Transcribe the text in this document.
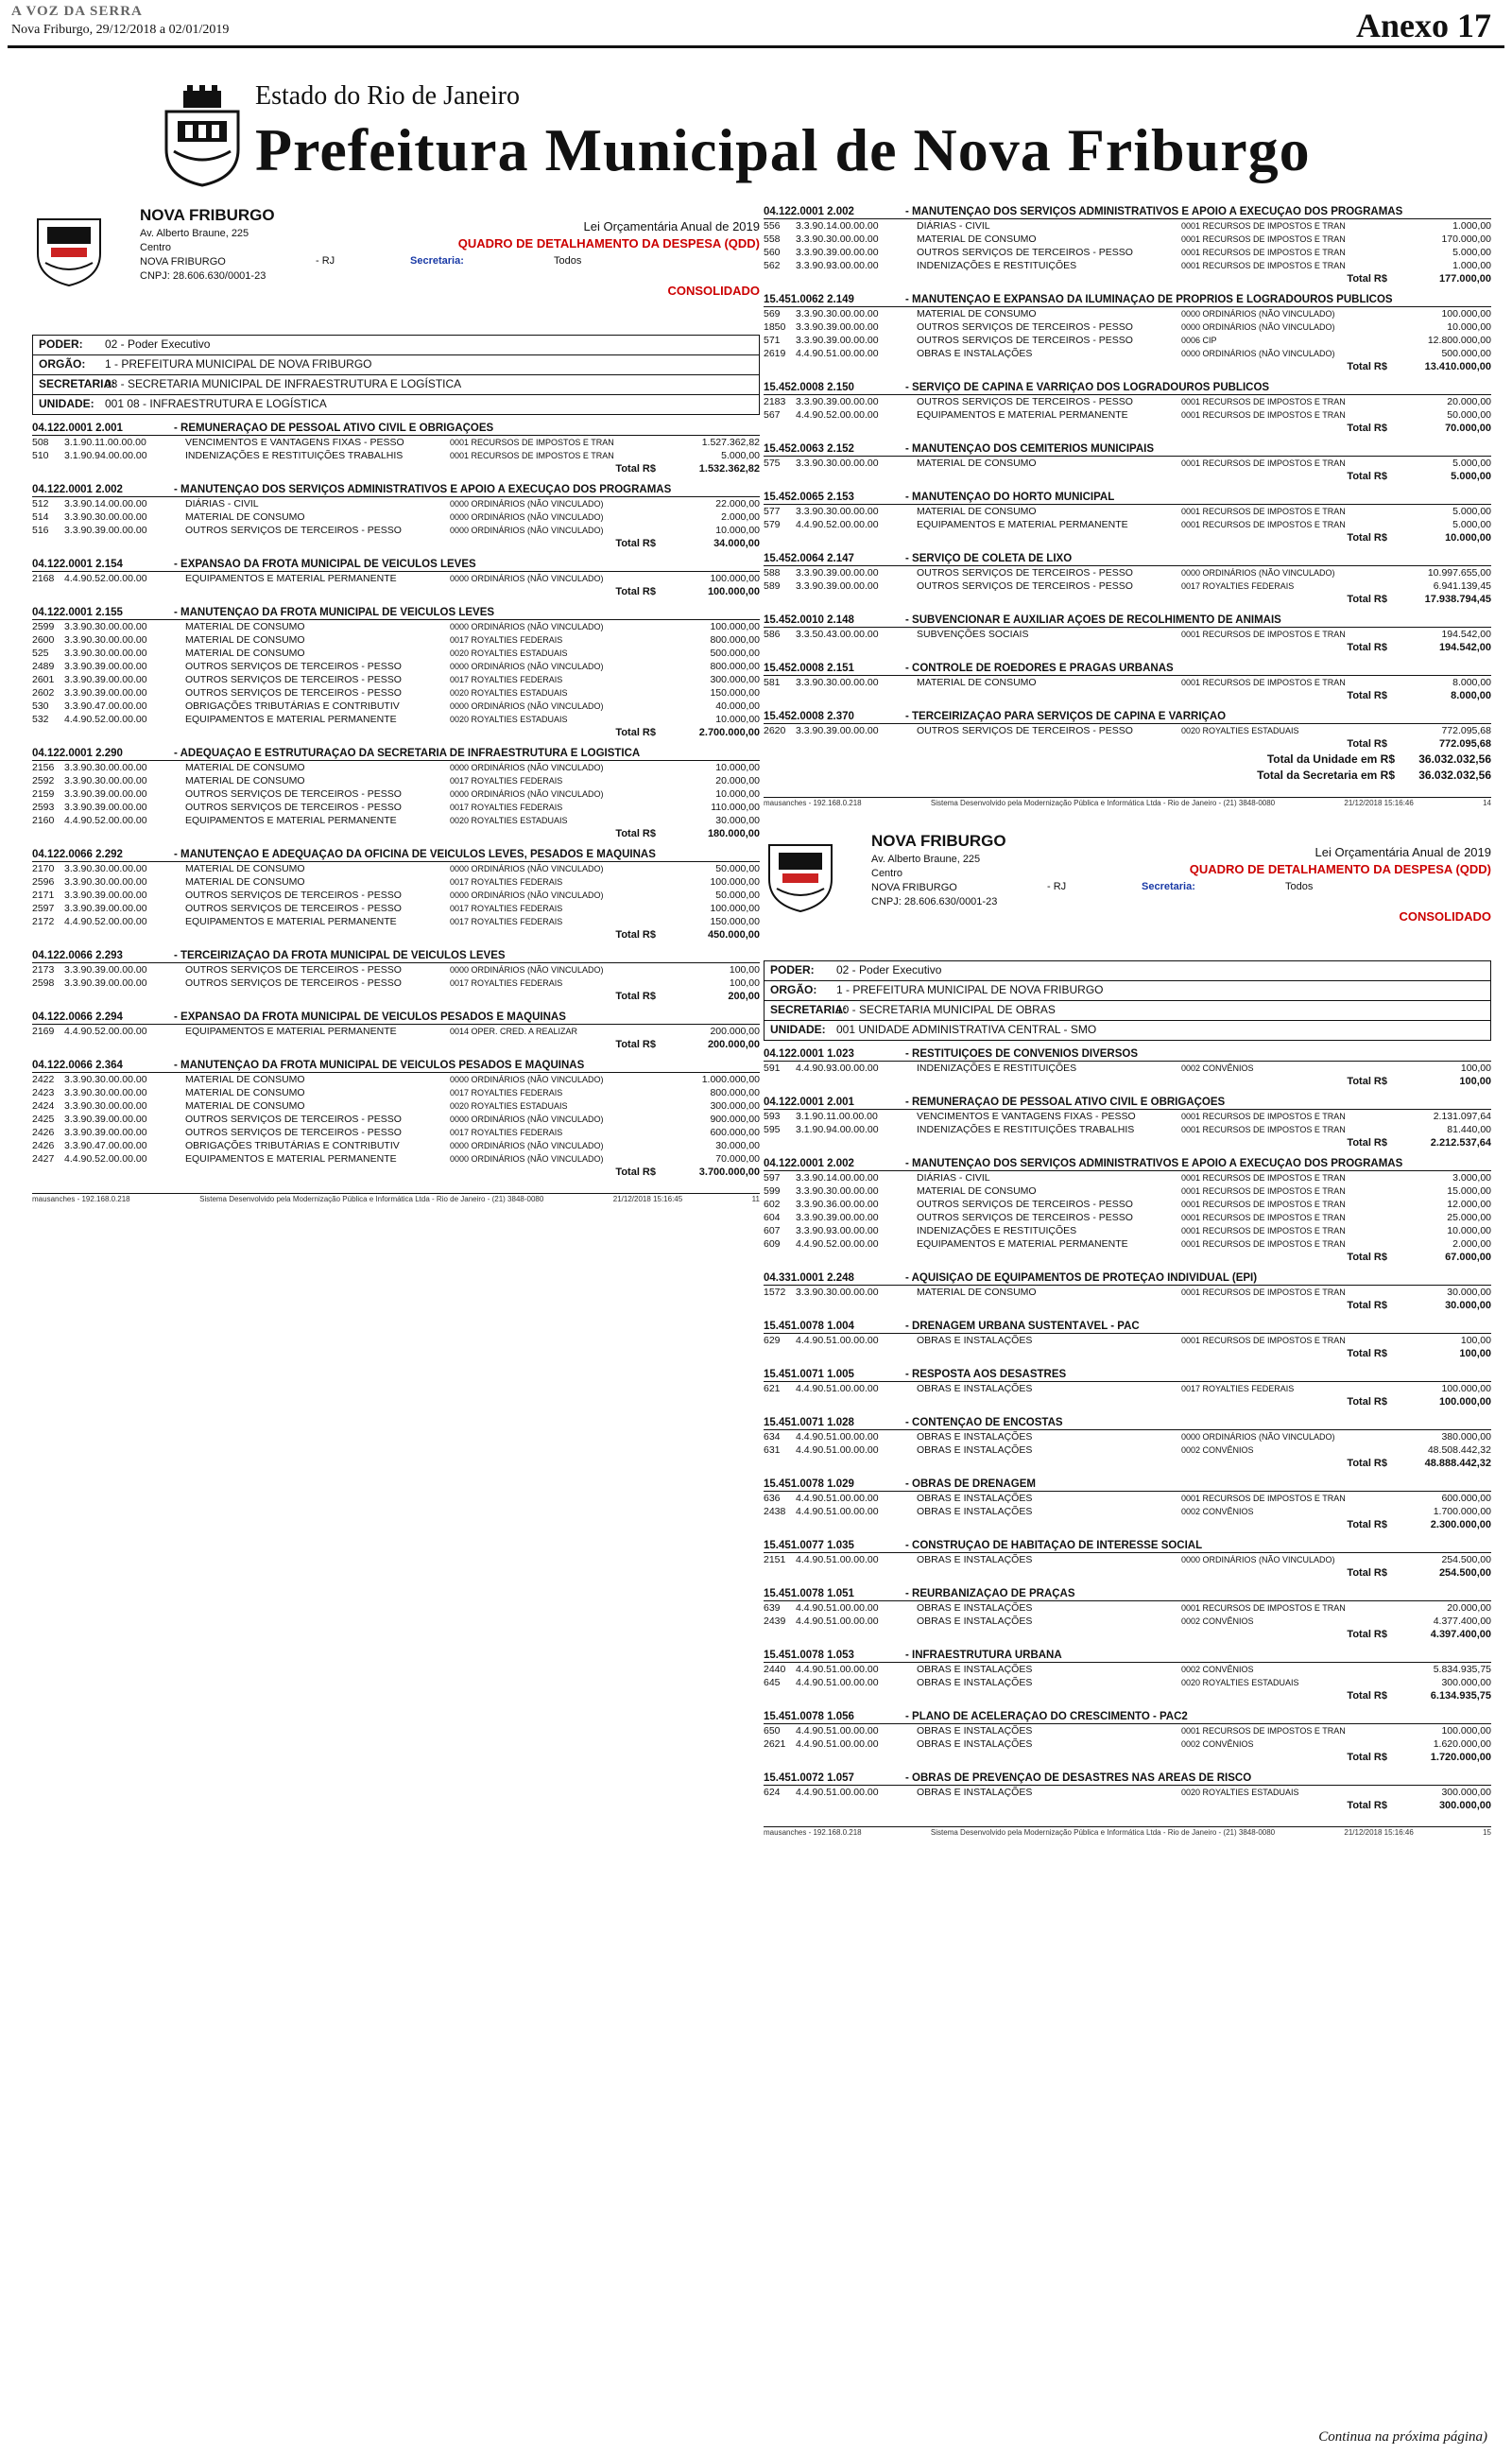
A VOZ DA SERRA
Nova Friburgo, 29/12/2018 a 02/01/2019	Anexo 17
Estado do Rio de Janeiro
Prefeitura Municipal de Nova Friburgo
NOVA FRIBURGO
Av. Alberto Braune, 225
Centro
NOVA FRIBURGO
CNPJ: 28.606.630/0001-23
- RJ
Lei Orçamentária Anual de 2019
QUADRO DE DETALHAMENTO DA DESPESA (QDD)
Secretaria:	Todos
CONSOLIDADO
PODER: 02 - Poder Executivo
ORGÃO: 1 - PREFEITURA MUNICIPAL DE NOVA FRIBURGO
SECRETARIA:08 - SECRETARIA MUNICIPAL DE INFRAESTRUTURA E LOGÍSTICA
UNIDADE: 001 08 - INFRAESTRUTURA E LOGÍSTICA
04.122.0001 2.001	- REMUNERAÇÃO DE PESSOAL ATIVO CIVIL E OBRIGAÇÕES
508	3.1.90.11.00.00.00	VENCIMENTOS E VANTAGENS FIXAS - PESSO	0001 RECURSOS DE IMPOSTOS E TRAN	1.527.362,82
510	3.1.90.94.00.00.00	INDENIZAÇÕES E RESTITUIÇÕES TRABALHIS	0001 RECURSOS DE IMPOSTOS E TRAN	5.000,00
Total R$	1.532.362,82
04.122.0001 2.002	- MANUTENÇÃO DOS SERVIÇOS ADMINISTRATIVOS E APOIO A EXECUÇÃO DOS PROGRAMAS
512	3.3.90.14.00.00.00	DIÁRIAS - CIVIL	0000 ORDINÁRIOS (NÃO VINCULADO)	22.000,00
514	3.3.90.30.00.00.00	MATERIAL DE CONSUMO	0000 ORDINÁRIOS (NÃO VINCULADO)	2.000,00
516	3.3.90.39.00.00.00	OUTROS SERVIÇOS DE TERCEIROS - PESSO	0000 ORDINÁRIOS (NÃO VINCULADO)	10.000,00
Total R$	34.000,00
04.122.0001 2.154	- EXPANSÃO DA FROTA MUNICIPAL DE VEÍCULOS LEVES
2168	4.4.90.52.00.00.00	EQUIPAMENTOS E MATERIAL PERMANENTE	0000 ORDINÁRIOS (NÃO VINCULADO)	100.000,00
Total R$	100.000,00
04.122.0001 2.155	- MANUTENÇÃO DA FROTA MUNICIPAL DE VEÍCULOS LEVES
2599	3.3.90.30.00.00.00	MATERIAL DE CONSUMO	0000 ORDINÁRIOS (NÃO VINCULADO)	100.000,00
2600	3.3.90.30.00.00.00	MATERIAL DE CONSUMO	0017 ROYALTIES FEDERAIS	800.000,00
525	3.3.90.30.00.00.00	MATERIAL DE CONSUMO	0020 ROYALTIES ESTADUAIS	500.000,00
2489	3.3.90.39.00.00.00	OUTROS SERVIÇOS DE TERCEIROS - PESSO	0000 ORDINÁRIOS (NÃO VINCULADO)	800.000,00
2601	3.3.90.39.00.00.00	OUTROS SERVIÇOS DE TERCEIROS - PESSO	0017 ROYALTIES FEDERAIS	300.000,00
2602	3.3.90.39.00.00.00	OUTROS SERVIÇOS DE TERCEIROS - PESSO	0020 ROYALTIES ESTADUAIS	150.000,00
530	3.3.90.47.00.00.00	OBRIGAÇÕES TRIBUTÁRIAS E CONTRIBUTIV	0000 ORDINÁRIOS (NÃO VINCULADO)	40.000,00
532	4.4.90.52.00.00.00	EQUIPAMENTOS E MATERIAL PERMANENTE	0020 ROYALTIES ESTADUAIS	10.000,00
Total R$	2.700.000,00
04.122.0001 2.290	- ADEQUAÇÃO E ESTRUTURAÇÃO DA SECRETARIA DE INFRAESTRUTURA E LOGÍSTICA
2156	3.3.90.30.00.00.00	MATERIAL DE CONSUMO	0000 ORDINÁRIOS (NÃO VINCULADO)	10.000,00
2592	3.3.90.30.00.00.00	MATERIAL DE CONSUMO	0017 ROYALTIES FEDERAIS	20.000,00
2159	3.3.90.39.00.00.00	OUTROS SERVIÇOS DE TERCEIROS - PESSO	0000 ORDINÁRIOS (NÃO VINCULADO)	10.000,00
2593	3.3.90.39.00.00.00	OUTROS SERVIÇOS DE TERCEIROS - PESSO	0017 ROYALTIES FEDERAIS	110.000,00
2160	4.4.90.52.00.00.00	EQUIPAMENTOS E MATERIAL PERMANENTE	0020 ROYALTIES ESTADUAIS	30.000,00
Total R$	180.000,00
04.122.0066 2.292	- MANUTENÇÃO E ADEQUAÇÃO DA OFICINA DE VEÍCULOS LEVES, PESADOS E MÁQUINAS
2170	3.3.90.30.00.00.00	MATERIAL DE CONSUMO	0000 ORDINÁRIOS (NÃO VINCULADO)	50.000,00
2596	3.3.90.30.00.00.00	MATERIAL DE CONSUMO	0017 ROYALTIES FEDERAIS	100.000,00
2171	3.3.90.39.00.00.00	OUTROS SERVIÇOS DE TERCEIROS - PESSO	0000 ORDINÁRIOS (NÃO VINCULADO)	50.000,00
2597	3.3.90.39.00.00.00	OUTROS SERVIÇOS DE TERCEIROS - PESSO	0017 ROYALTIES FEDERAIS	100.000,00
2172	4.4.90.52.00.00.00	EQUIPAMENTOS E MATERIAL PERMANENTE	0017 ROYALTIES FEDERAIS	150.000,00
Total R$	450.000,00
04.122.0066 2.293	- TERCEIRIZAÇÃO DA FROTA MUNICIPAL DE VEÍCULOS LEVES
2173	3.3.90.39.00.00.00	OUTROS SERVIÇOS DE TERCEIROS - PESSO	0000 ORDINÁRIOS (NÃO VINCULADO)	100,00
2598	3.3.90.39.00.00.00	OUTROS SERVIÇOS DE TERCEIROS - PESSO	0017 ROYALTIES FEDERAIS	100,00
Total R$	200,00
04.122.0066 2.294	- EXPANSÃO DA FROTA MUNICIPAL DE VEÍCULOS PESADOS E MÁQUINAS
2169	4.4.90.52.00.00.00	EQUIPAMENTOS E MATERIAL PERMANENTE	0014 OPER. CRED. A REALIZAR	200.000,00
Total R$	200.000,00
04.122.0066 2.364	- MANUTENÇÃO DA FROTA MUNICIPAL DE VEÍCULOS PESADOS E MÁQUINAS
2422	3.3.90.30.00.00.00	MATERIAL DE CONSUMO	0000 ORDINÁRIOS (NÃO VINCULADO)	1.000.000,00
2423	3.3.90.30.00.00.00	MATERIAL DE CONSUMO	0017 ROYALTIES FEDERAIS	800.000,00
2424	3.3.90.30.00.00.00	MATERIAL DE CONSUMO	0020 ROYALTIES ESTADUAIS	300.000,00
2425	3.3.90.39.00.00.00	OUTROS SERVIÇOS DE TERCEIROS - PESSO	0000 ORDINÁRIOS (NÃO VINCULADO)	900.000,00
2426	3.3.90.39.00.00.00	OUTROS SERVIÇOS DE TERCEIROS - PESSO	0017 ROYALTIES FEDERAIS	600.000,00
2426	3.3.90.47.00.00.00	OBRIGAÇÕES TRIBUTÁRIAS E CONTRIBUTIV	0000 ORDINÁRIOS (NÃO VINCULADO)	30.000,00
2427	4.4.90.52.00.00.00	EQUIPAMENTOS E MATERIAL PERMANENTE	0000 ORDINÁRIOS (NÃO VINCULADO)	70.000,00
Total R$	3.700.000,00
mausanches - 192.168.0.218	Sistema Desenvolvido pela Modernização Pública e Informática Ltda - Rio de Janeiro - (21) 3848-0080	21/12/2018 15:16:45	11
04.122.0001 2.002	- MANUTENÇÃO DOS SERVIÇOS ADMINISTRATIVOS E APOIO A EXECUÇÃO DOS PROGRAMAS
556	3.3.90.14.00.00.00	DIÁRIAS - CIVIL	0001 RECURSOS DE IMPOSTOS E TRAN	1.000,00
558	3.3.90.30.00.00.00	MATERIAL DE CONSUMO	0001 RECURSOS DE IMPOSTOS E TRAN	170.000,00
560	3.3.90.39.00.00.00	OUTROS SERVIÇOS DE TERCEIROS - PESSO	0001 RECURSOS DE IMPOSTOS E TRAN	5.000,00
562	3.3.90.93.00.00.00	INDENIZAÇÕES E RESTITUIÇÕES	0001 RECURSOS DE IMPOSTOS E TRAN	1.000,00
Total R$	177.000,00
15.451.0062 2.149	- MANUTENÇÃO E EXPANSÃO DA ILUMINAÇÃO DE PRÓPRIOS E LOGRADOUROS PÚBLICOS
569	3.3.90.30.00.00.00	MATERIAL DE CONSUMO	0000 ORDINÁRIOS (NÃO VINCULADO)	100.000,00
1850	3.3.90.39.00.00.00	OUTROS SERVIÇOS DE TERCEIROS - PESSO	0000 ORDINÁRIOS (NÃO VINCULADO)	10.000,00
571	3.3.90.39.00.00.00	OUTROS SERVIÇOS DE TERCEIROS - PESSO	0006 CIP	12.800.000,00
2619	4.4.90.51.00.00.00	OBRAS E INSTALAÇÕES	0000 ORDINÁRIOS (NÃO VINCULADO)	500.000,00
Total R$	13.410.000,00
15.452.0008 2.150	- SERVIÇO DE CAPINA E VARRIÇÃO DOS LOGRADOUROS PÚBLICOS
2183	3.3.90.39.00.00.00	OUTROS SERVIÇOS DE TERCEIROS - PESSO	0001 RECURSOS DE IMPOSTOS E TRAN	20.000,00
567	4.4.90.52.00.00.00	EQUIPAMENTOS E MATERIAL PERMANENTE	0001 RECURSOS DE IMPOSTOS E TRAN	50.000,00
Total R$	70.000,00
15.452.0063 2.152	- MANUTENÇÃO DOS CEMITÉRIOS MUNICIPAIS
575	3.3.90.30.00.00.00	MATERIAL DE CONSUMO	0001 RECURSOS DE IMPOSTOS E TRAN	5.000,00
Total R$	5.000,00
15.452.0065 2.153	- MANUTENÇÃO DO HORTO MUNICIPAL
577	3.3.90.30.00.00.00	MATERIAL DE CONSUMO	0001 RECURSOS DE IMPOSTOS E TRAN	5.000,00
579	4.4.90.52.00.00.00	EQUIPAMENTOS E MATERIAL PERMANENTE	0001 RECURSOS DE IMPOSTOS E TRAN	5.000,00
Total R$	10.000,00
15.452.0064 2.147	- SERVIÇO DE COLETA DE LIXO
588	3.3.90.39.00.00.00	OUTROS SERVIÇOS DE TERCEIROS - PESSO	0000 ORDINÁRIOS (NÃO VINCULADO)	10.997.655,00
589	3.3.90.39.00.00.00	OUTROS SERVIÇOS DE TERCEIROS - PESSO	0017 ROYALTIES FEDERAIS	6.941.139,45
Total R$	17.938.794,45
15.452.0010 2.148	- SUBVENCIONAR E AUXILIAR AÇÕES DE RECOLHIMENTO DE ANIMAIS
586	3.3.50.43.00.00.00	SUBVENÇÕES SOCIAIS	0001 RECURSOS DE IMPOSTOS E TRAN	194.542,00
Total R$	194.542,00
15.452.0008 2.151	- CONTROLE DE ROEDORES E PRAGAS URBANAS
581	3.3.90.30.00.00.00	MATERIAL DE CONSUMO	0001 RECURSOS DE IMPOSTOS E TRAN	8.000,00
Total R$	8.000,00
15.452.0008 2.370	- TERCEIRIZAÇÃO PARA SERVIÇOS DE CAPINA E VARRIÇÃO
2620	3.3.90.39.00.00.00	OUTROS SERVIÇOS DE TERCEIROS - PESSO	0020 ROYALTIES ESTADUAIS	772.095,68
Total R$	772.095,68
Total da Unidade em R$ 36.032.032,56
Total da Secretaria em R$ 36.032.032,56
mausanches - 192.168.0.218	Sistema Desenvolvido pela Modernização Pública e Informática Ltda - Rio de Janeiro - (21) 3848-0080	21/12/2018 15:16:46	14
NOVA FRIBURGO
Av. Alberto Braune, 225
Centro
NOVA FRIBURGO
CNPJ: 28.606.630/0001-23
- RJ
Lei Orçamentária Anual de 2019
QUADRO DE DETALHAMENTO DA DESPESA (QDD)
Secretaria:	Todos
CONSOLIDADO
PODER: 02 - Poder Executivo
ORGÃO: 1 - PREFEITURA MUNICIPAL DE NOVA FRIBURGO
SECRETARIA:10 - SECRETARIA MUNICIPAL DE OBRAS
UNIDADE: 001 UNIDADE ADMINISTRATIVA CENTRAL - SMO
04.122.0001 1.023	- RESTITUIÇÕES DE CONVÊNIOS DIVERSOS
591	4.4.90.93.00.00.00	INDENIZAÇÕES E RESTITUIÇÕES	0002 CONVÊNIOS	100,00
Total R$	100,00
04.122.0001 2.001	- REMUNERAÇÃO DE PESSOAL ATIVO CIVIL E OBRIGAÇÕES
593	3.1.90.11.00.00.00	VENCIMENTOS E VANTAGENS FIXAS - PESSO	0001 RECURSOS DE IMPOSTOS E TRAN	2.131.097,64
595	3.1.90.94.00.00.00	INDENIZAÇÕES E RESTITUIÇÕES TRABALHIS	0001 RECURSOS DE IMPOSTOS E TRAN	81.440,00
Total R$	2.212.537,64
04.122.0001 2.002	- MANUTENÇÃO DOS SERVIÇOS ADMINISTRATIVOS E APOIO A EXECUÇÃO DOS PROGRAMAS
597	3.3.90.14.00.00.00	DIÁRIAS - CIVIL	0001 RECURSOS DE IMPOSTOS E TRAN	3.000,00
599	3.3.90.30.00.00.00	MATERIAL DE CONSUMO	0001 RECURSOS DE IMPOSTOS E TRAN	15.000,00
602	3.3.90.36.00.00.00	OUTROS SERVIÇOS DE TERCEIROS - PESSO	0001 RECURSOS DE IMPOSTOS E TRAN	12.000,00
604	3.3.90.39.00.00.00	OUTROS SERVIÇOS DE TERCEIROS - PESSO	0001 RECURSOS DE IMPOSTOS E TRAN	25.000,00
607	3.3.90.93.00.00.00	INDENIZAÇÕES E RESTITUIÇÕES	0001 RECURSOS DE IMPOSTOS E TRAN	10.000,00
609	4.4.90.52.00.00.00	EQUIPAMENTOS E MATERIAL PERMANENTE	0001 RECURSOS DE IMPOSTOS E TRAN	2.000,00
Total R$	67.000,00
04.331.0001 2.248	- AQUISIÇÃO DE EQUIPAMENTOS DE PROTEÇÃO INDIVIDUAL (EPI)
1572	3.3.90.30.00.00.00	MATERIAL DE CONSUMO	0001 RECURSOS DE IMPOSTOS E TRAN	30.000,00
Total R$	30.000,00
15.451.0078 1.004	- DRENAGEM URBANA SUSTENTÁVEL - PAC
629	4.4.90.51.00.00.00	OBRAS E INSTALAÇÕES	0001 RECURSOS DE IMPOSTOS E TRAN	100,00
Total R$	100,00
15.451.0071 1.005	- RESPOSTA AOS DESASTRES
621	4.4.90.51.00.00.00	OBRAS E INSTALAÇÕES	0017 ROYALTIES FEDERAIS	100.000,00
Total R$	100.000,00
15.451.0071 1.028	- CONTENÇÃO DE ENCOSTAS
634	4.4.90.51.00.00.00	OBRAS E INSTALAÇÕES	0000 ORDINÁRIOS (NÃO VINCULADO)	380.000,00
631	4.4.90.51.00.00.00	OBRAS E INSTALAÇÕES	0002 CONVÊNIOS	48.508.442,32
Total R$	48.888.442,32
15.451.0078 1.029	- OBRAS DE DRENAGEM
636	4.4.90.51.00.00.00	OBRAS E INSTALAÇÕES	0001 RECURSOS DE IMPOSTOS E TRAN	600.000,00
2438	4.4.90.51.00.00.00	OBRAS E INSTALAÇÕES	0002 CONVÊNIOS	1.700.000,00
Total R$	2.300.000,00
15.451.0077 1.035	- CONSTRUÇÃO DE HABITAÇÃO DE INTERESSE SOCIAL
2151	4.4.90.51.00.00.00	OBRAS E INSTALAÇÕES	0000 ORDINÁRIOS (NÃO VINCULADO)	254.500,00
Total R$	254.500,00
15.451.0078 1.051	- REURBANIZAÇÃO DE PRAÇAS
639	4.4.90.51.00.00.00	OBRAS E INSTALAÇÕES	0001 RECURSOS DE IMPOSTOS E TRAN	20.000,00
2439	4.4.90.51.00.00.00	OBRAS E INSTALAÇÕES	0002 CONVÊNIOS	4.377.400,00
Total R$	4.397.400,00
15.451.0078 1.053	- INFRAESTRUTURA URBANA
2440	4.4.90.51.00.00.00	OBRAS E INSTALAÇÕES	0002 CONVÊNIOS	5.834.935,75
645	4.4.90.51.00.00.00	OBRAS E INSTALAÇÕES	0020 ROYALTIES ESTADUAIS	300.000,00
Total R$	6.134.935,75
15.451.0078 1.056	- PLANO DE ACELERAÇÃO DO CRESCIMENTO - PAC2
650	4.4.90.51.00.00.00	OBRAS E INSTALAÇÕES	0001 RECURSOS DE IMPOSTOS E TRAN	100.000,00
2621	4.4.90.51.00.00.00	OBRAS E INSTALAÇÕES	0002 CONVÊNIOS	1.620.000,00
Total R$	1.720.000,00
15.451.0072 1.057	- OBRAS DE PREVENÇÃO DE DESASTRES NAS ÁREAS DE RISCO
624	4.4.90.51.00.00.00	OBRAS E INSTALAÇÕES	0020 ROYALTIES ESTADUAIS	300.000,00
Total R$	300.000,00
mausanches - 192.168.0.218	Sistema Desenvolvido pela Modernização Pública e Informática Ltda - Rio de Janeiro - (21) 3848-0080	21/12/2018 15:16:46	15
Continua na próxima página)
